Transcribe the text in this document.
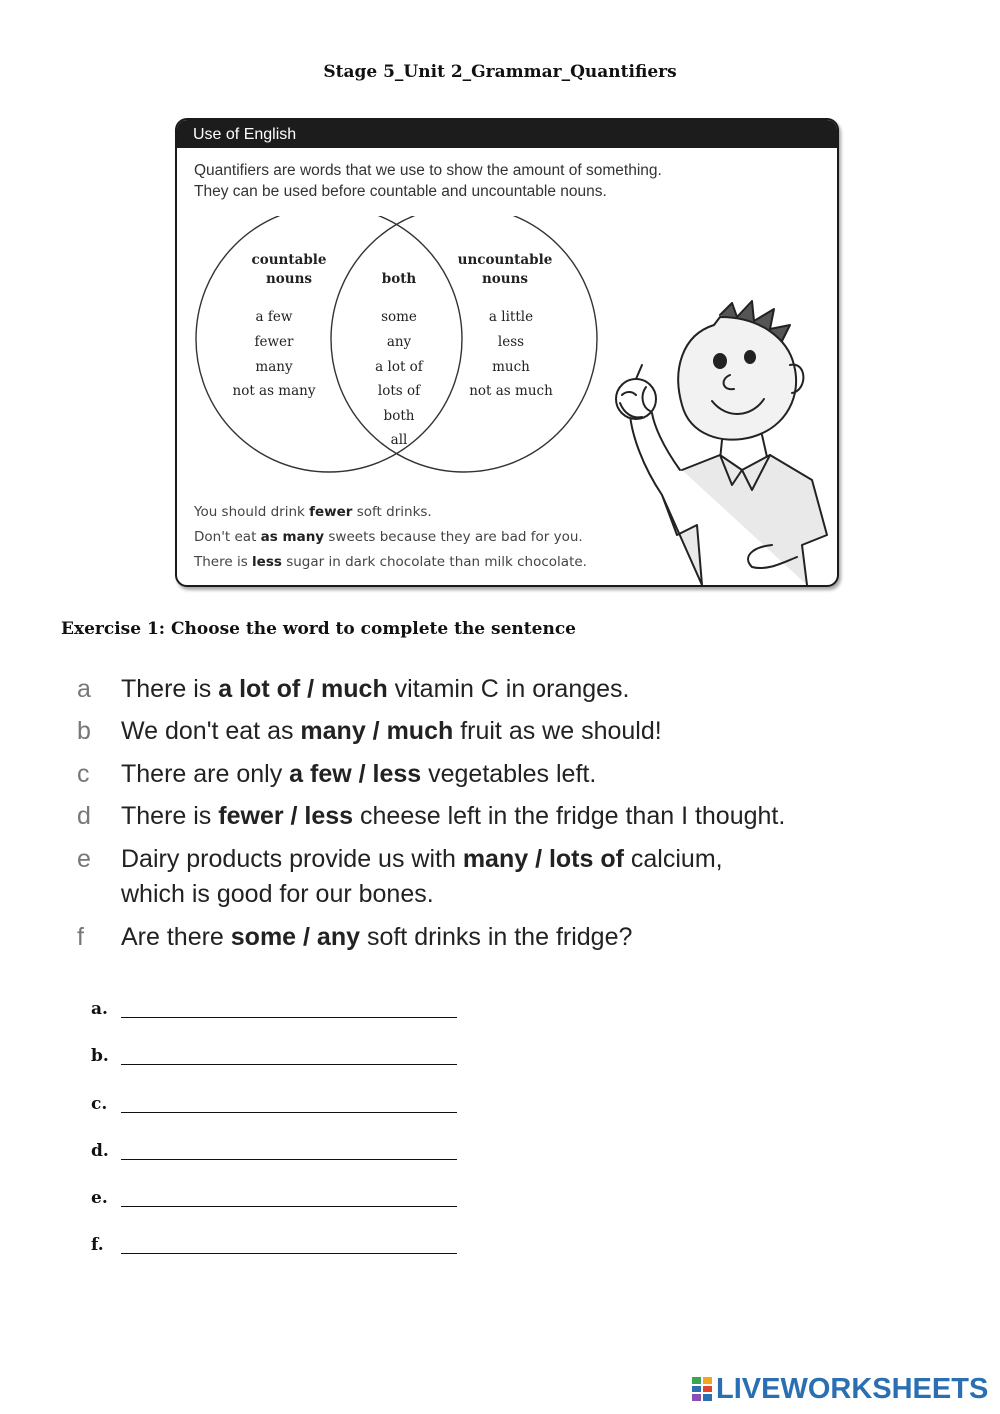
Stage 5_Unit 2_Grammar_Quantifiers
Use of English
Quantifiers are words that we use to show the amount of something.
They can be used before countable and uncountable nouns.
countable
nouns	both
uncountable
nouns
a few
fewer
many
not as many
some
any
a lot of
lots of
both
all
a little
less
much
not as much
You should drink fewer soft drinks.
Don't eat as many sweets because they are bad for you.
There is less sugar in dark chocolate than milk chocolate.
Exercise 1: Choose the word to complete the sentence
a There is a lot of / much vitamin C in oranges.
b We don't eat as many / much fruit as we should!
c There are only a few / less vegetables left.
d There is fewer / less cheese left in the fridge than I thought.
e Dairy products provide us with many / lots of calcium,
which is good for our bones.
f Are there some / any soft drinks in the fridge?
a.
b.
c.
d.
e.
f.
LIVEWORKSHEETS
